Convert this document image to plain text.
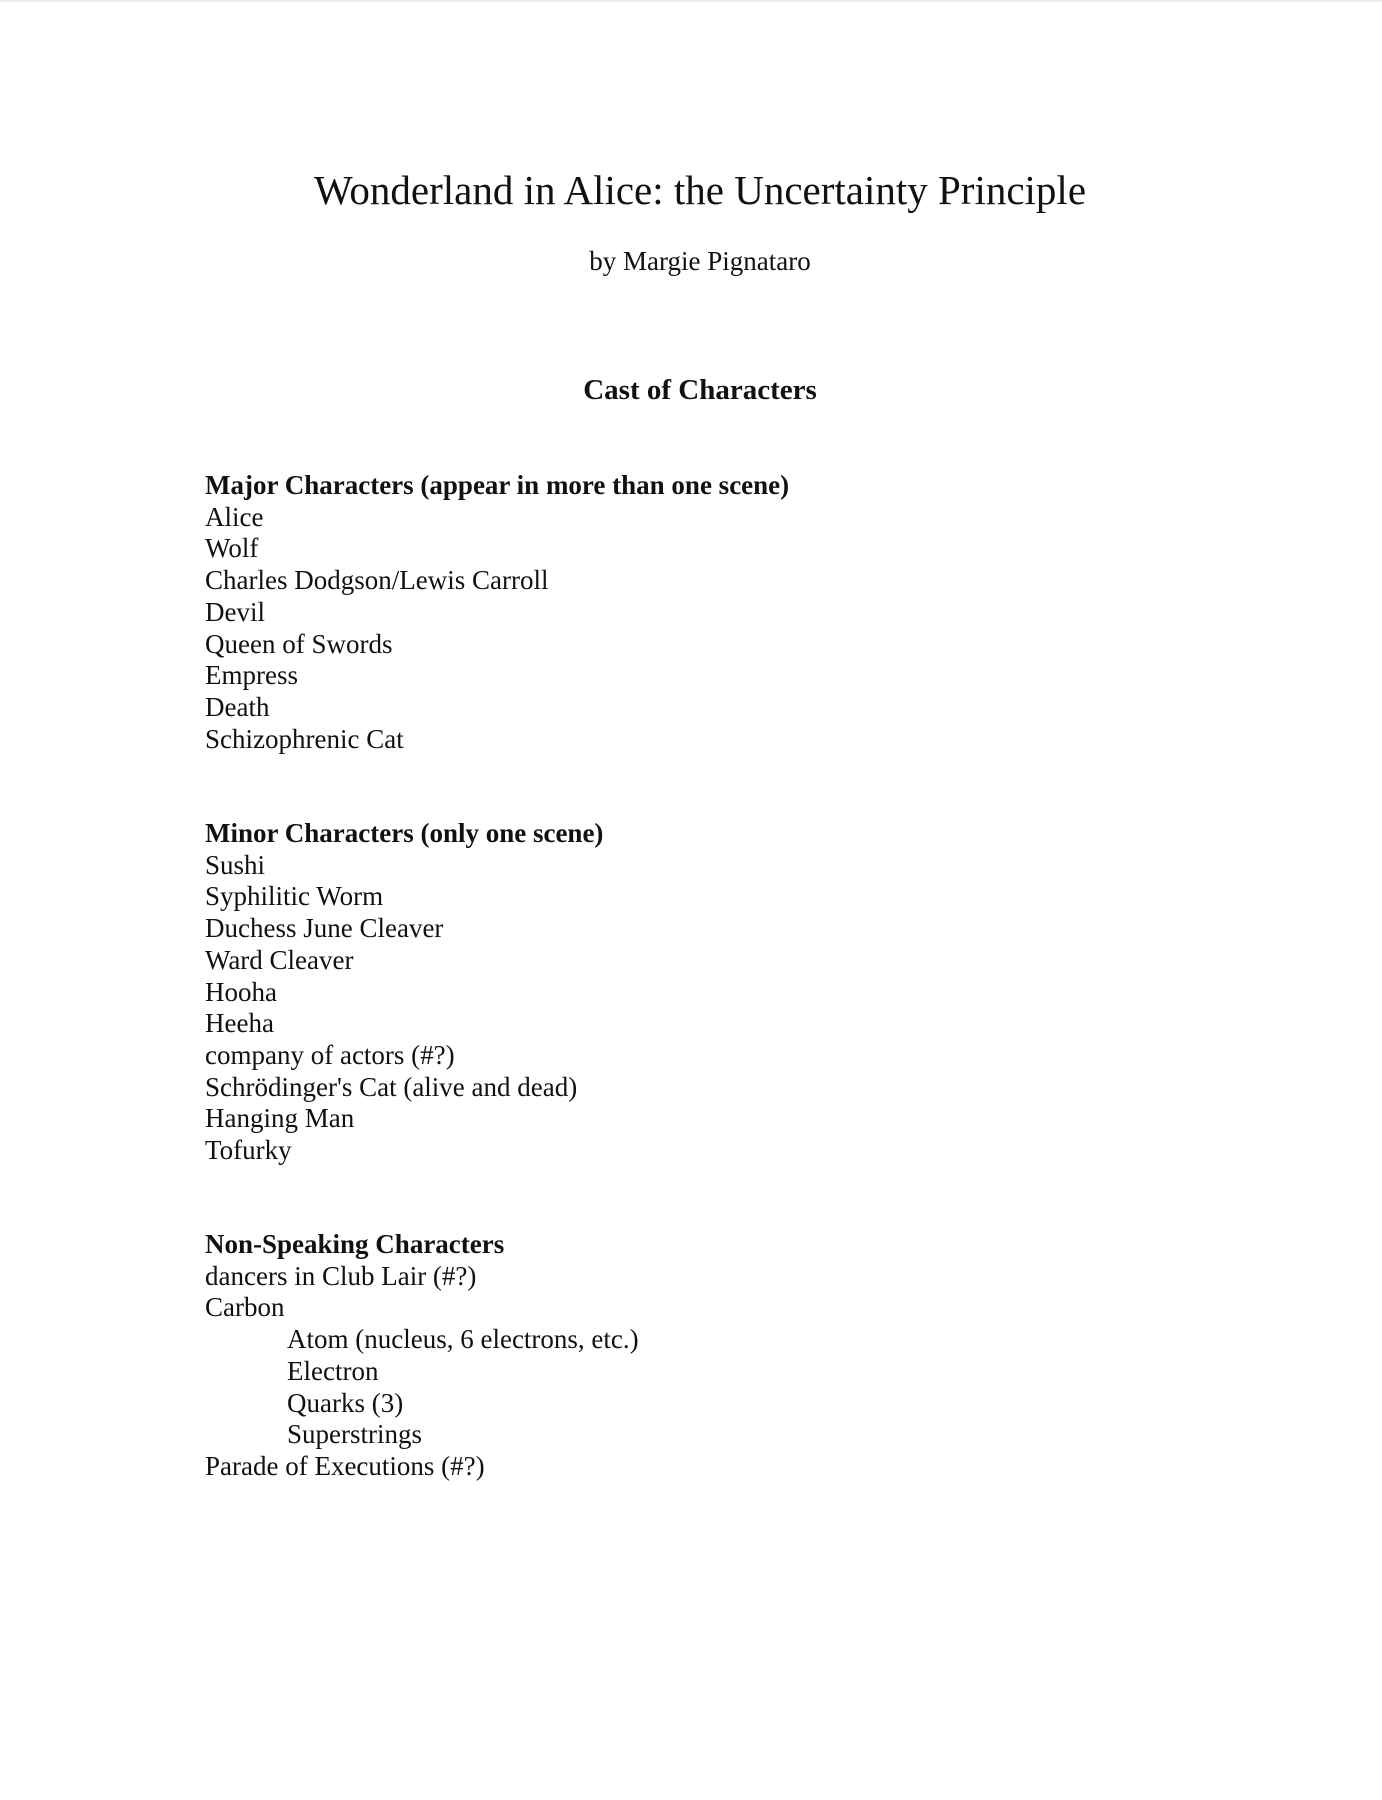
Wonderland in Alice: the Uncertainty Principle

by Margie Pignataro

Cast of Characters

Major Characters (appear in more than one scene)

Alice

Wolf

Charles Dodgson/Lewis Carroll

Devil

Queen of Swords

Empress

Death

Schizophrenic Cat

Minor Characters (only one scene)

Sushi

Syphilitic Worm

Duchess June Cleaver

Ward Cleaver

Hooha

Heeha

company of actors (#?)

Schrödinger's Cat (alive and dead)

Hanging Man

Tofurky

Non-Speaking Characters

dancers in Club Lair (#?)

Carbon

Atom (nucleus, 6 electrons, etc.)

Electron

Quarks (3)

Superstrings

Parade of Executions (#?)
